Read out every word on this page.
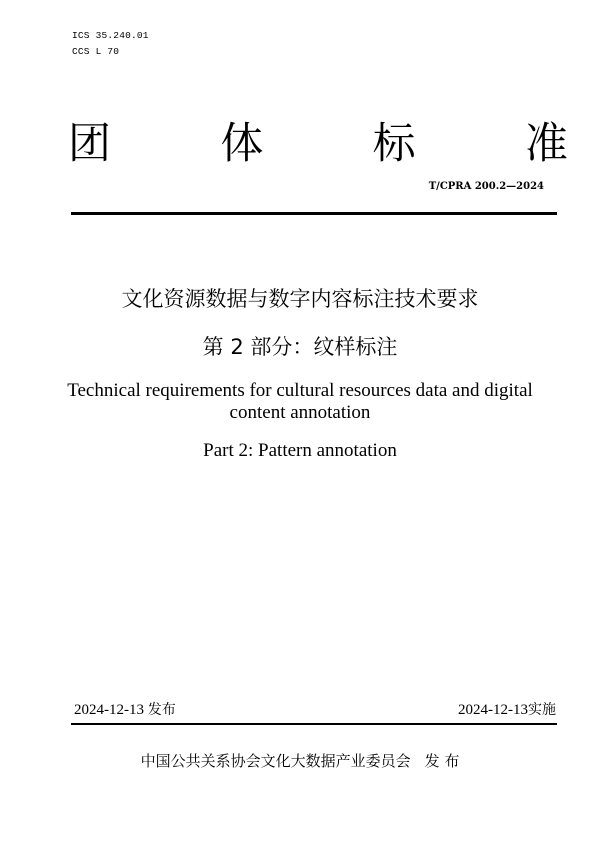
ICS 35.240.01
CCS L 70
团	体	标	准
T/CPRA 200.2—2024
文化资源数据与数字内容标注技术要求
第 2 部分：纹样标注
Technical requirements for cultural resources data and digital
content annotation
Part 2: Pattern annotation
2024-12-13 发布	2024-12-13实施
中国公共关系协会文化大数据产业委员会 发 布
